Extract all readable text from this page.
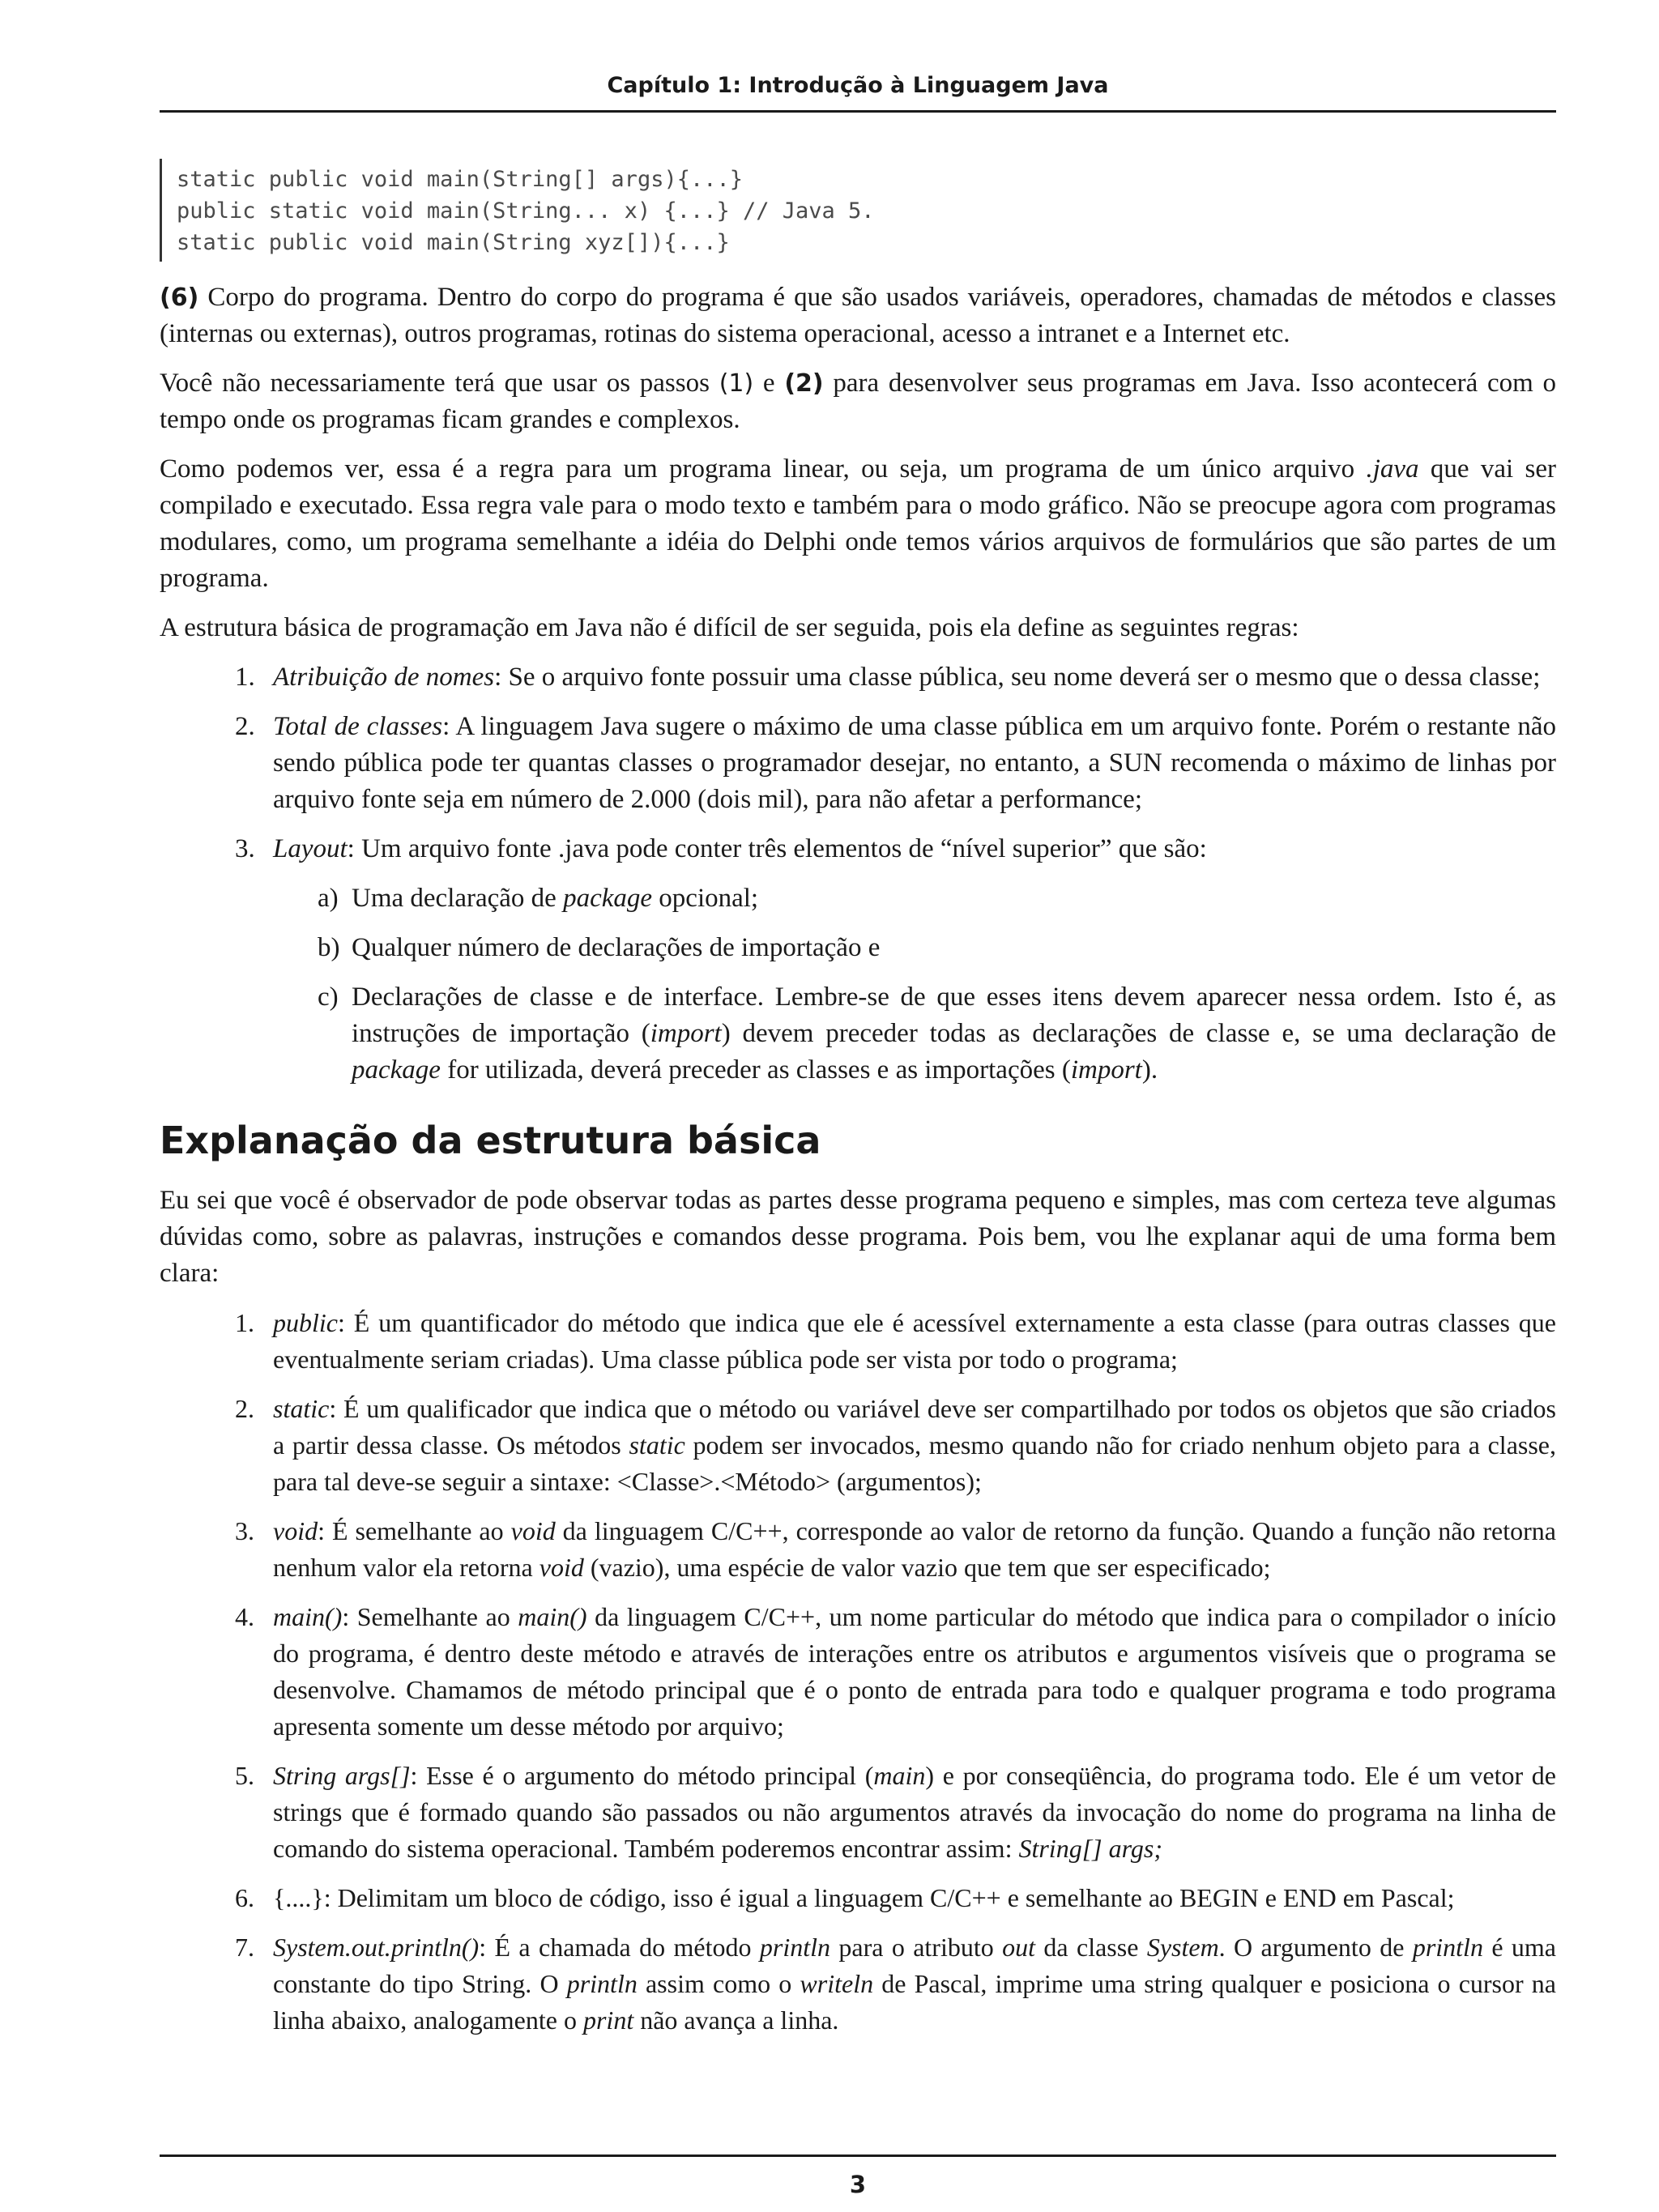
Capítulo 1: Introdução à Linguagem Java
static public void main(String[] args){...}
public static void main(String... x) {...} // Java 5.
static public void main(String xyz[]){...}

(6) Corpo do programa. Dentro do corpo do programa é que são usados variáveis, operadores, chamadas de métodos e classes (internas ou externas), outros programas, rotinas do sistema operacional, acesso a intranet e a Internet etc.

Você não necessariamente terá que usar os passos (1) e (2) para desenvolver seus programas em Java. Isso acontecerá com o tempo onde os programas ficam grandes e complexos.

Como podemos ver, essa é a regra para um programa linear, ou seja, um programa de um único arquivo .java que vai ser compilado e executado. Essa regra vale para o modo texto e também para o modo gráfico. Não se preocupe agora com programas modulares, como, um programa semelhante a idéia do Delphi onde temos vários arquivos de formulários que são partes de um programa.

A estrutura básica de programação em Java não é difícil de ser seguida, pois ela define as seguintes regras:

1. Atribuição de nomes: Se o arquivo fonte possuir uma classe pública, seu nome deverá ser o mesmo que o dessa classe;
2. Total de classes: A linguagem Java sugere o máximo de uma classe pública em um arquivo fonte. Porém o restante não sendo pública pode ter quantas classes o programador desejar, no entanto, a SUN recomenda o máximo de linhas por arquivo fonte seja em número de 2.000 (dois mil), para não afetar a performance;
3. Layout: Um arquivo fonte .java pode conter três elementos de “nível superior” que são:
a) Uma declaração de package opcional;
b) Qualquer número de declarações de importação e
c) Declarações de classe e de interface. Lembre-se de que esses itens devem aparecer nessa ordem. Isto é, as instruções de importação (import) devem preceder todas as declarações de classe e, se uma declaração de package for utilizada, deverá preceder as classes e as importações (import).
Explanação da estrutura básica

Eu sei que você é observador de pode observar todas as partes desse programa pequeno e simples, mas com certeza teve algumas dúvidas como, sobre as palavras, instruções e comandos desse programa. Pois bem, vou lhe explanar aqui de uma forma bem clara:

1. public: É um quantificador do método que indica que ele é acessível externamente a esta classe (para outras classes que eventualmente seriam criadas). Uma classe pública pode ser vista por todo o programa;
2. static: É um qualificador que indica que o método ou variável deve ser compartilhado por todos os objetos que são criados a partir dessa classe. Os métodos static podem ser invocados, mesmo quando não for criado nenhum objeto para a classe, para tal deve-se seguir a sintaxe: <Classe>.<Método> (argumentos);
3. void: É semelhante ao void da linguagem C/C++, corresponde ao valor de retorno da função. Quando a função não retorna nenhum valor ela retorna void (vazio), uma espécie de valor vazio que tem que ser especificado;
4. main(): Semelhante ao main() da linguagem C/C++, um nome particular do método que indica para o compilador o início do programa, é dentro deste método e através de interações entre os atributos e argumentos visíveis que o programa se desenvolve. Chamamos de método principal que é o ponto de entrada para todo e qualquer programa e todo programa apresenta somente um desse método por arquivo;
5. String args[]: Esse é o argumento do método principal (main) e por conseqüência, do programa todo. Ele é um vetor de strings que é formado quando são passados ou não argumentos através da invocação do nome do programa na linha de comando do sistema operacional. Também poderemos encontrar assim: String[] args;
6. {....}: Delimitam um bloco de código, isso é igual a linguagem C/C++ e semelhante ao BEGIN e END em Pascal;
7. System.out.println(): É a chamada do método println para o atributo out da classe System. O argumento de println é uma constante do tipo String. O println assim como o writeln de Pascal, imprime uma string qualquer e posiciona o cursor na linha abaixo, analogamente o print não avança a linha.
3
